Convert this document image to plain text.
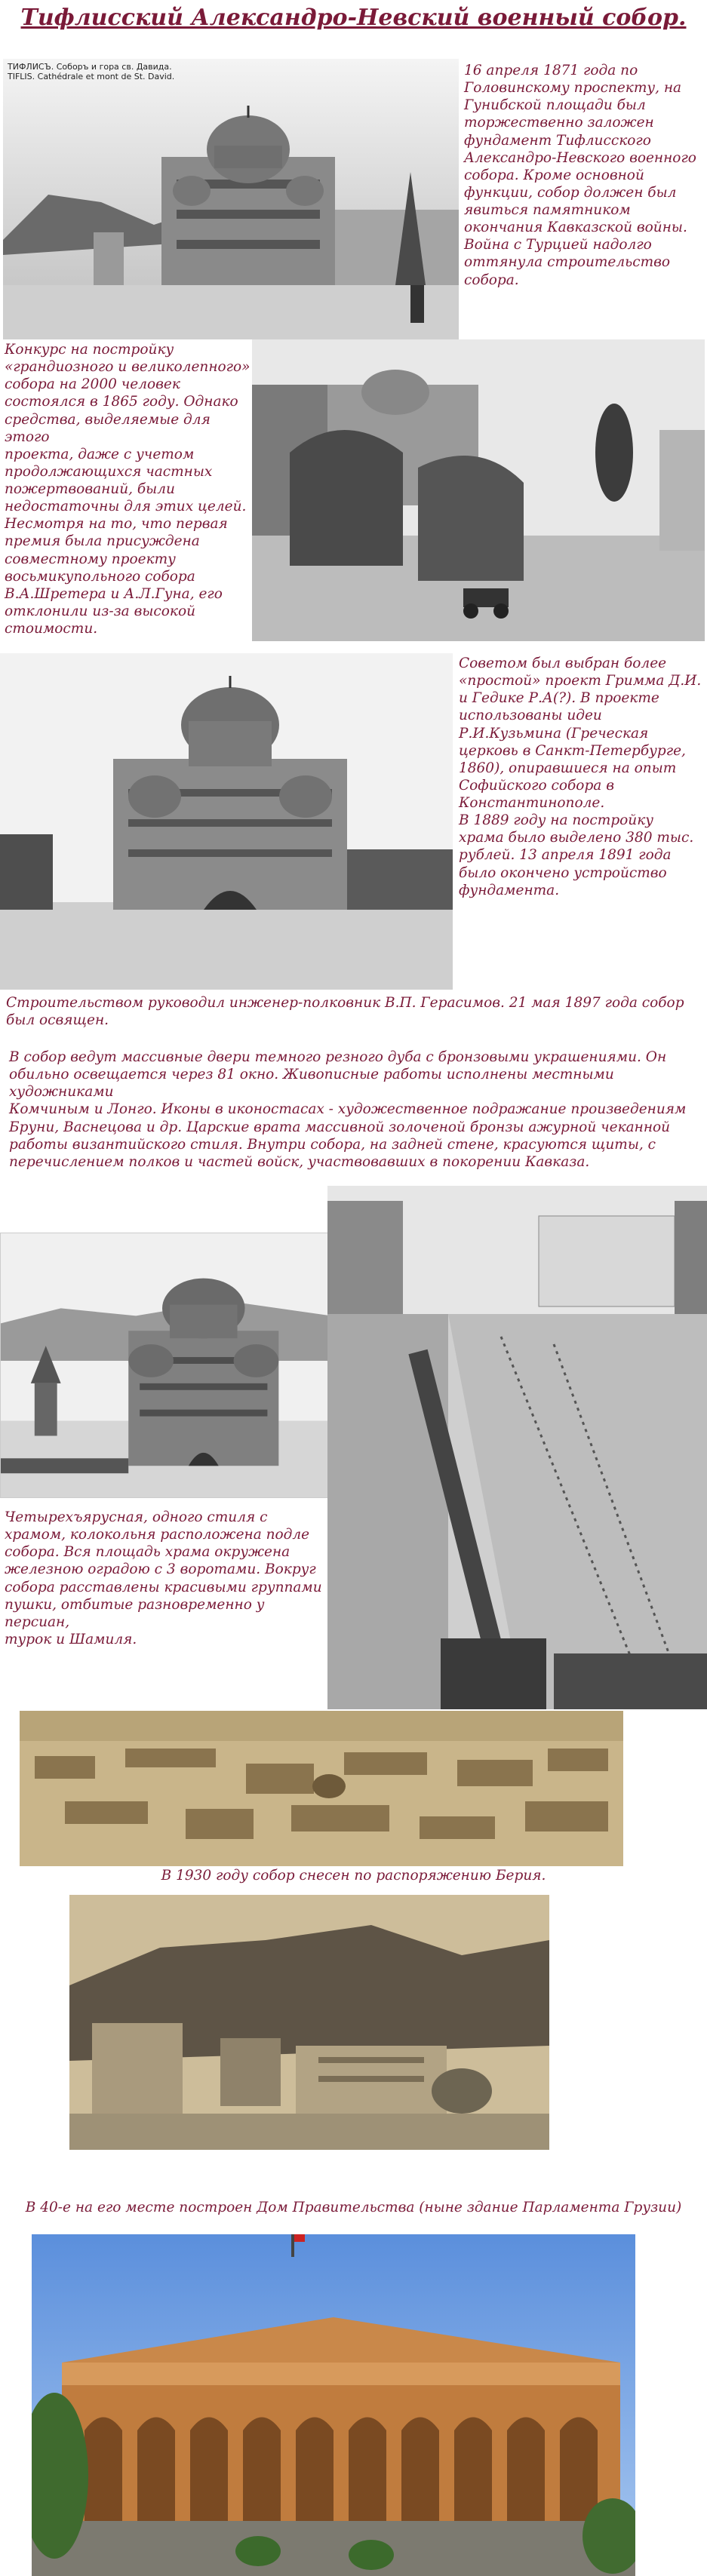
Тифлисский Александро-Невский военный собор.
ТИФЛИСЪ. Соборъ и гора св. Давида.
TIFLIS. Cathédrale et mont de St. David.	16 апреля 1871 года по
Головинскому проспекту, на
Гунибской площади был
торжественно заложен
фундамент Тифлисского
Александро-Невского военного
собора. Кроме основной
функции, собор должен был
явиться памятником
окончания Кавказской войны.
Война с Турцией надолго
оттянула строительство
собора.

Конкурс на постройку
«грандиозного и великолепного»
собора на 2000 человек
состоялся в 1865 году. Однако
средства, выделяемые для этого
проекта, даже с учетом
продолжающихся частных
пожертвований, были
недостаточны для этих целей.
Несмотря на то, что первая
премия была присуждена
совместному проекту
восьмикупольного собора
В.А.Шретера и А.Л.Гуна, его
отклонили из-за высокой
стоимости.

Советом был выбран более
«простой» проект Гримма Д.И.
и Гедике Р.А(?). В проекте
использованы идеи
Р.И.Кузьмина (Греческая
церковь в Санкт-Петербурге,
1860), опиравшиеся на опыт
Софийского собора в
Константинополе.
В 1889 году на постройку
храма было выделено 380 тыс.
рублей. 13 апреля 1891 года
было окончено устройство
фундамента.

Строительством руководил инженер-полковник В.П. Герасимов. 21 мая 1897 года собор
был освящен.

В собор ведут массивные двери темного резного дуба с бронзовыми украшениями. Он
обильно освещается через 81 окно. Живописные работы исполнены местными художниками
Комчиным и Лонго. Иконы в иконостасах - художественное подражание произведениям
Бруни, Васнецова и др. Царские врата массивной золоченой бронзы ажурной чеканной
работы византийского стиля. Внутри собора, на задней стене, красуются щиты, с
перечислением полков и частей войск, участвовавших в покорении Кавказа.

Четырехъярусная, одного стиля с
храмом, колокольня расположена подле
собора. Вся площадь храма окружена
железною оградою с 3 воротами. Вокруг
собора расставлены красивыми группами
пушки, отбитые разновременно у персиан,
турок и Шамиля.

В 1930 году собор снесен по распоряжению Берия.
В 40-е на его месте построен Дом Правительства (ныне здание Парламента Грузии)
